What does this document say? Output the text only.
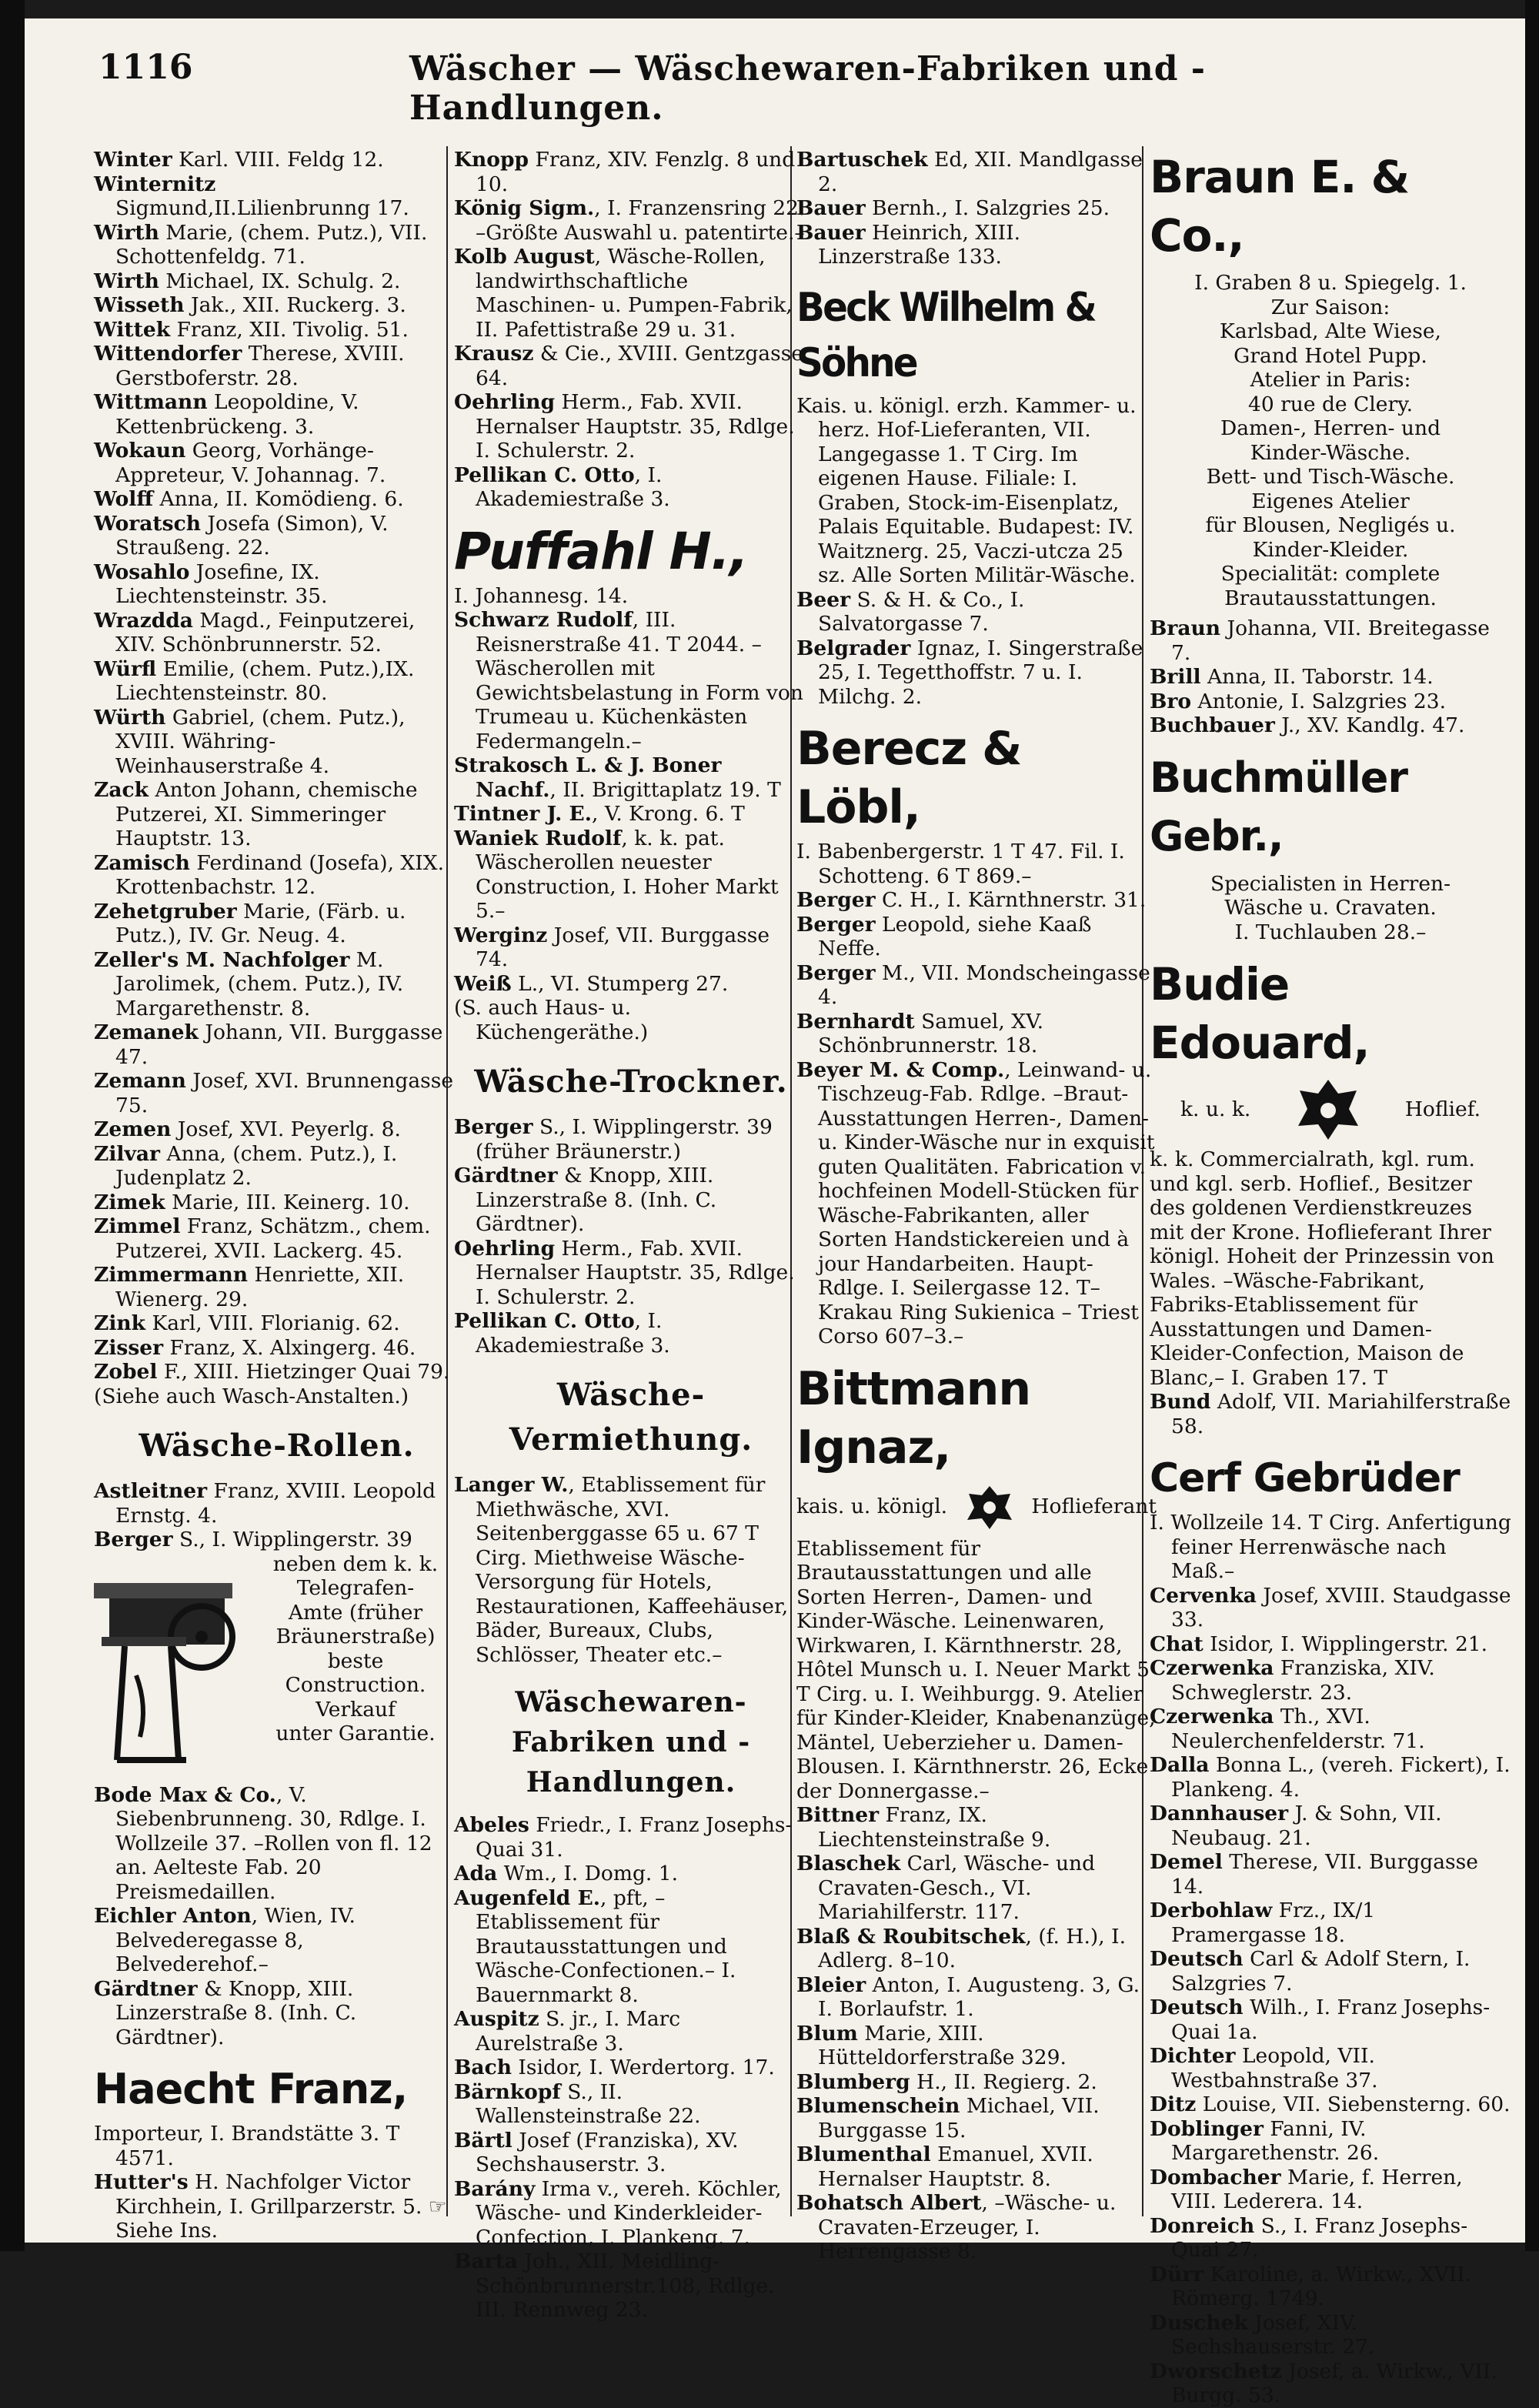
1116	Wäscher — Wäschewaren-Fabriken und -Handlungen.

Winter Karl. VIII. Feldg 12.

Winternitz Sigmund,II.Lilienbrunng 17.

Wirth Marie, (chem. Putz.), VII. Schottenfeldg. 71.

Wirth Michael, IX. Schulg. 2.

Wisseth Jak., XII. Ruckerg. 3.

Wittek Franz, XII. Tivolig. 51.

Wittendorfer Therese, XVIII. Gerstboferstr. 28.

Wittmann Leopoldine, V. Kettenbrückeng. 3.

Wokaun Georg, Vorhänge-Appreteur, V. Johannag. 7.

Wolff Anna, II. Komödieng. 6.

Woratsch Josefa (Simon), V. Straußeng. 22.

Wosahlo Josefine, IX. Liechtensteinstr. 35.

Wrazdda Magd., Feinputzerei, XIV. Schönbrunnerstr. 52.

Würfl Emilie, (chem. Putz.),IX. Liechtensteinstr. 80.

Würth Gabriel, (chem. Putz.), XVIII. Währing-Weinhauserstraße 4.

Zack Anton Johann, chemische Putzerei, XI. Simmeringer Hauptstr. 13.

Zamisch Ferdinand (Josefa), XIX. Krottenbachstr. 12.

Zehetgruber Marie, (Färb. u. Putz.), IV. Gr. Neug. 4.

Zeller's M. Nachfolger M. Jarolimek, (chem. Putz.), IV. Margarethenstr. 8.

Zemanek Johann, VII. Burggasse 47.

Zemann Josef, XVI. Brunnengasse 75.

Zemen Josef, XVI. Peyerlg. 8.

Zilvar Anna, (chem. Putz.), I. Judenplatz 2.

Zimek Marie, III. Keinerg. 10.

Zimmel Franz, Schätzm., chem. Putzerei, XVII. Lackerg. 45.

Zimmermann Henriette, XII. Wienerg. 29.

Zink Karl, VIII. Florianig. 62.

Zisser Franz, X. Alxingerg. 46.

Zobel F., XIII. Hietzinger Quai 79.

(Siehe auch Wasch-Anstalten.)

Wäsche-Rollen.

Astleitner Franz, XVIII. Leopold Ernstg. 4.

Berger S., I. Wipplingerstr. 39

neben dem k. k.
Telegrafen-
Amte (früher
Bräunerstraße)
beste
Construction.
Verkauf
unter Garantie.

Bode Max & Co., V. Siebenbrunneng. 30, Rdlge. I. Wollzeile 37. –Rollen von fl. 12 an. Aelteste Fab. 20 Preismedaillen.

Eichler Anton, Wien, IV. Belvederegasse 8, Belvederehof.–

Gärdtner & Knopp, XIII. Linzerstraße 8. (Inh. C. Gärdtner).

Haecht Franz,

Importeur, I. Brandstätte 3. T 4571.

Hutter's H. Nachfolger Victor Kirchhein, I. Grillparzerstr. 5. ☞ Siehe Ins.

Knopp Franz, XIV. Fenzlg. 8 und 10.

König Sigm., I. Franzensring 22. –Größte Auswahl u. patentirte.–

Kolb August, Wäsche-Rollen, landwirthschaftliche Maschinen- u. Pumpen-Fabrik, II. Pafettistraße 29 u. 31.

Krausz & Cie., XVIII. Gentzgasse 64.

Oehrling Herm., Fab. XVII. Hernalser Hauptstr. 35, Rdlge. I. Schulerstr. 2.

Pellikan C. Otto, I. Akademiestraße 3.

Puffahl H.,

I. Johannesg. 14.

Schwarz Rudolf, III. Reisnerstraße 41. T 2044. –Wäscherollen mit Gewichtsbelastung in Form von Trumeau u. Küchenkästen Federmangeln.–

Strakosch L. & J. Boner Nachf., II. Brigittaplatz 19. T

Tintner J. E., V. Krong. 6. T

Waniek Rudolf, k. k. pat. Wäscherollen neuester Construction, I. Hoher Markt 5.–

Werginz Josef, VII. Burggasse 74.

Weiß L., VI. Stumperg 27.

(S. auch Haus- u. Küchengeräthe.)

Wäsche-Trockner.

Berger S., I. Wipplingerstr. 39 (früher Bräunerstr.)

Gärdtner & Knopp, XIII. Linzerstraße 8. (Inh. C. Gärdtner).

Oehrling Herm., Fab. XVII. Hernalser Hauptstr. 35, Rdlge. I. Schulerstr. 2.

Pellikan C. Otto, I. Akademiestraße 3.

Wäsche-Vermiethung.

Langer W., Etablissement für Miethwäsche, XVI. Seitenberggasse 65 u. 67 T Cirg. Miethweise Wäsche-Versorgung für Hotels, Restaurationen, Kaffeehäuser, Bäder, Bureaux, Clubs, Schlösser, Theater etc.–

Wäschewaren-Fabriken und -Handlungen.

Abeles Friedr., I. Franz Josephs-Quai 31.

Ada Wm., I. Domg. 1.

Augenfeld E., pft, –Etablissement für Brautausstattungen und Wäsche-Confectionen.– I. Bauernmarkt 8.

Auspitz S. jr., I. Marc Aurelstraße 3.

Bach Isidor, I. Werdertorg. 17.

Bärnkopf S., II. Wallensteinstraße 22.

Bärtl Josef (Franziska), XV. Sechshauserstr. 3.

Barány Irma v., vereh. Köchler, Wäsche- und Kinderkleider-Confection, I. Plankeng. 7.

Barta Joh., XII. Meidling-Schönbrunnerstr.108, Rdlge. III. Rennweg 23.

Bartuschek Ed, XII. Mandlgasse 2.

Bauer Bernh., I. Salzgries 25.

Bauer Heinrich, XIII. Linzerstraße 133.

Beck Wilhelm & Söhne

Kais. u. königl. erzh. Kammer- u. herz. Hof-Lieferanten, VII. Langegasse 1. T Cirg. Im eigenen Hause. Filiale: I. Graben, Stock-im-Eisenplatz, Palais Equitable. Budapest: IV. Waitznerg. 25, Vaczi-utcza 25 sz. Alle Sorten Militär-Wäsche.

Beer S. & H. & Co., I. Salvatorgasse 7.

Belgrader Ignaz, I. Singerstraße 25, I. Tegetthoffstr. 7 u. I. Milchg. 2.

Berecz & Löbl,

I. Babenbergerstr. 1 T 47. Fil. I. Schotteng. 6 T 869.–

Berger C. H., I. Kärnthnerstr. 31.

Berger Leopold, siehe Kaaß Neffe.

Berger M., VII. Mondscheingasse 4.

Bernhardt Samuel, XV. Schönbrunnerstr. 18.

Beyer M. & Comp., Leinwand- u. Tischzeug-Fab. Rdlge. –Braut-Ausstattungen Herren-, Damen- u. Kinder-Wäsche nur in exquisit guten Qualitäten. Fabrication v. hochfeinen Modell-Stücken für Wäsche-Fabrikanten, aller Sorten Handstickereien und à jour Handarbeiten. Haupt-Rdlge. I. Seilergasse 12. T–Krakau Ring Sukienica – Triest Corso 607–3.–

Bittmann Ignaz,
kais. u. königl.	Hoflieferant
Etablissement für Brautausstattungen und alle Sorten Herren-, Damen- und Kinder-Wäsche. Leinenwaren, Wirkwaren, I. Kärnthnerstr. 28, Hôtel Munsch u. I. Neuer Markt 5 T Cirg. u. I. Weihburgg. 9. Atelier für Kinder-Kleider, Knabenanzüge, Mäntel, Ueberzieher u. Damen-Blousen. I. Kärnthnerstr. 26, Ecke der Donnergasse.–

Bittner Franz, IX. Liechtensteinstraße 9.

Blaschek Carl, Wäsche- und Cravaten-Gesch., VI. Mariahilferstr. 117.

Blaß & Roubitschek, (f. H.), I. Adlerg. 8–10.

Bleier Anton, I. Augusteng. 3, G. I. Borlaufstr. 1.

Blum Marie, XIII. Hütteldorferstraße 329.

Blumberg H., II. Regierg. 2.

Blumenschein Michael, VII. Burggasse 15.

Blumenthal Emanuel, XVII. Hernalser Hauptstr. 8.

Bohatsch Albert, –Wäsche- u. Cravaten-Erzeuger, I. Herrengasse 8.

Braun E. & Co.,
I. Graben 8 u. Spiegelg. 1.
Zur Saison:
Karlsbad, Alte Wiese,
Grand Hotel Pupp.
Atelier in Paris:
40 rue de Clery.
Damen-, Herren- und
Kinder-Wäsche.
Bett- und Tisch-Wäsche.
Eigenes Atelier
für Blousen, Negligés u.
Kinder-Kleider.
Specialität: complete
Brautausstattungen.

Braun Johanna, VII. Breitegasse 7.

Brill Anna, II. Taborstr. 14.

Bro Antonie, I. Salzgries 23.

Buchbauer J., XV. Kandlg. 47.

Buchmüller Gebr.,
Specialisten in Herren-
Wäsche u. Cravaten.
I. Tuchlauben 28.–
Budie Edouard,
k. u. k.	Hoflief.
k. k. Commercialrath, kgl. rum. und kgl. serb. Hoflief., Besitzer des goldenen Verdienstkreuzes mit der Krone. Hoflieferant Ihrer königl. Hoheit der Prinzessin von Wales. –Wäsche-Fabrikant, Fabriks-Etablissement für Ausstattungen und Damen-Kleider-Confection, Maison de Blanc,– I. Graben 17. T

Bund Adolf, VII. Mariahilferstraße 58.

Cerf Gebrüder

I. Wollzeile 14. T Cirg. Anfertigung feiner Herrenwäsche nach Maß.–

Cervenka Josef, XVIII. Staudgasse 33.

Chat Isidor, I. Wipplingerstr. 21.

Czerwenka Franziska, XIV. Schweglerstr. 23.

Czerwenka Th., XVI. Neulerchenfelderstr. 71.

Dalla Bonna L., (vereh. Fickert), I. Plankeng. 4.

Dannhauser J. & Sohn, VII. Neubaug. 21.

Demel Therese, VII. Burggasse 14.

Derbohlaw Frz., IX/1 Pramergasse 18.

Deutsch Carl & Adolf Stern, I. Salzgries 7.

Deutsch Wilh., I. Franz Josephs-Quai 1a.

Dichter Leopold, VII. Westbahnstraße 37.

Ditz Louise, VII. Siebensterng. 60.

Doblinger Fanni, IV. Margarethenstr. 26.

Dombacher Marie, f. Herren, VIII. Lederera. 14.

Donreich S., I. Franz Josephs-Quai 27.

Dürr Karoline, a. Wirkw., XVII. Römerg. 1749.

Duschek Josef, XIV. Sechshauserstr. 27.

Dworschetz Josef, a. Wirkw., VII. Burgg. 53.
